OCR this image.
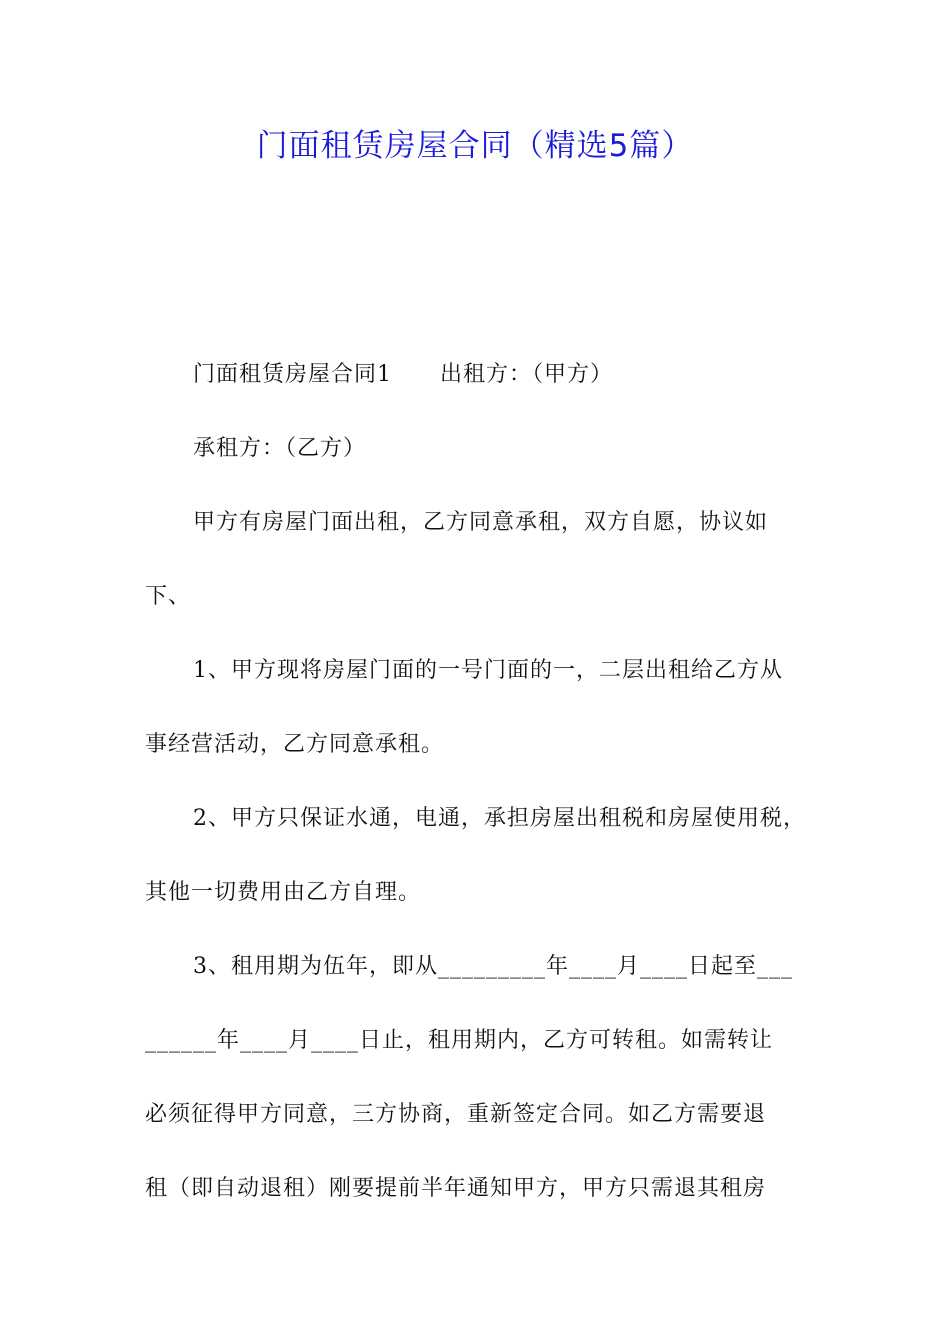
门面租赁房屋合同（精选5篇）
门面租赁房屋合同1 出租方：（甲方）
承租方：（乙方）
甲方有房屋门面出租，乙方同意承租，双方自愿，协议如
下、
1、甲方现将房屋门面的一号门面的一，二层出租给乙方从
事经营活动，乙方同意承租。
2、甲方只保证水通，电通，承担房屋出租税和房屋使用税，
其他一切费用由乙方自理。
3、租用期为伍年，即从_________年____月____日起至___
______年____月____日止，租用期内，乙方可转租。如需转让
必须征得甲方同意，三方协商，重新签定合同。如乙方需要退
租（即自动退租）刚要提前半年通知甲方，甲方只需退其租房
